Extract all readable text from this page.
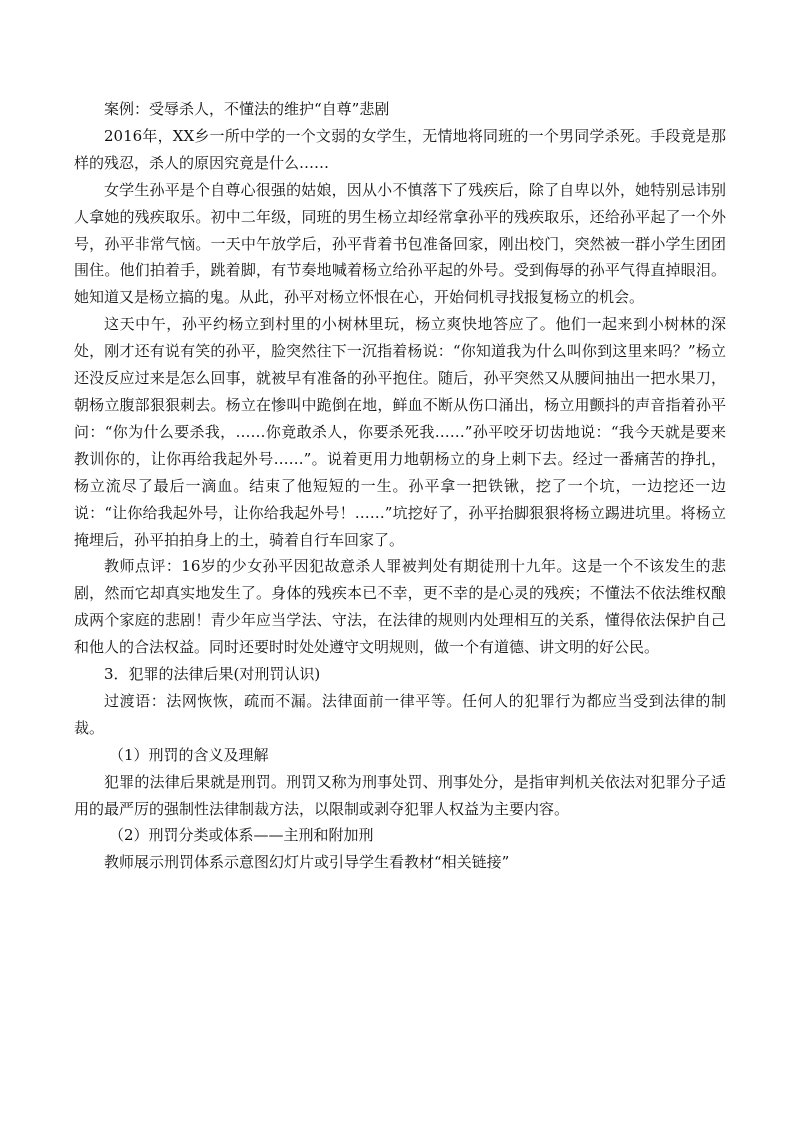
案例：受辱杀人，不懂法的维护“自尊”悲剧

2016年，XX乡一所中学的一个文弱的女学生，无情地将同班的一个男同学杀死。手段竟是那样的残忍，杀人的原因究竟是什么……

女学生孙平是个自尊心很强的姑娘，因从小不慎落下了残疾后，除了自卑以外，她特别忌讳别人拿她的残疾取乐。初中二年级，同班的男生杨立却经常拿孙平的残疾取乐，还给孙平起了一个外号，孙平非常气恼。一天中午放学后，孙平背着书包准备回家，刚出校门，突然被一群小学生团团围住。他们拍着手，跳着脚，有节奏地喊着杨立给孙平起的外号。受到侮辱的孙平气得直掉眼泪。她知道又是杨立搞的鬼。从此，孙平对杨立怀恨在心，开始伺机寻找报复杨立的机会。

这天中午，孙平约杨立到村里的小树林里玩，杨立爽快地答应了。他们一起来到小树林的深处，刚才还有说有笑的孙平，脸突然往下一沉指着杨说：“你知道我为什么叫你到这里来吗？”杨立还没反应过来是怎么回事，就被早有准备的孙平抱住。随后，孙平突然又从腰间抽出一把水果刀，朝杨立腹部狠狠刺去。杨立在惨叫中跪倒在地，鲜血不断从伤口涌出，杨立用颤抖的声音指着孙平问：“你为什么要杀我，……你竟敢杀人，你要杀死我……”孙平咬牙切齿地说：“我今天就是要来教训你的，让你再给我起外号……”。说着更用力地朝杨立的身上刺下去。经过一番痛苦的挣扎，杨立流尽了最后一滴血。结束了他短短的一生。孙平拿一把铁锹，挖了一个坑，一边挖还一边说：“让你给我起外号，让你给我起外号！……”坑挖好了，孙平抬脚狠狠将杨立踢进坑里。将杨立掩埋后，孙平拍拍身上的土，骑着自行车回家了。

教师点评：16岁的少女孙平因犯故意杀人罪被判处有期徒刑十九年。这是一个不该发生的悲剧，然而它却真实地发生了。身体的残疾本已不幸，更不幸的是心灵的残疾；不懂法不依法维权酿成两个家庭的悲剧！青少年应当学法、守法，在法律的规则内处理相互的关系，懂得依法保护自己和他人的合法权益。同时还要时时处处遵守文明规则，做一个有道德、讲文明的好公民。

3．犯罪的法律后果(对刑罚认识)

过渡语：法网恢恢，疏而不漏。法律面前一律平等。任何人的犯罪行为都应当受到法律的制裁。

（1）刑罚的含义及理解

犯罪的法律后果就是刑罚。刑罚又称为刑事处罚、刑事处分，是指审判机关依法对犯罪分子适用的最严厉的强制性法律制裁方法，以限制或剥夺犯罪人权益为主要内容。

（2）刑罚分类或体系——主刑和附加刑

教师展示刑罚体系示意图幻灯片或引导学生看教材“相关链接”
